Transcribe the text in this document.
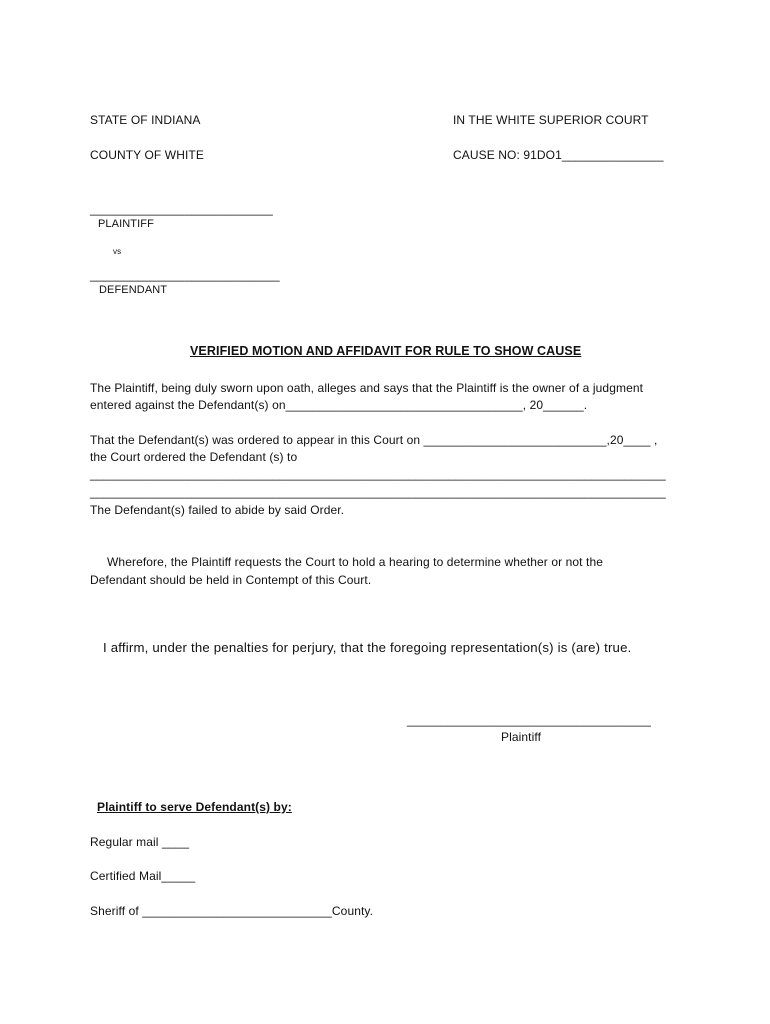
STATE OF INDIANA	IN THE WHITE SUPERIOR COURT
COUNTY OF WHITE	CAUSE NO: 91DO1_______________
___________________________
PLAINTIFF
vs
____________________________
DEFENDANT
VERIFIED MOTION AND AFFIDAVIT FOR RULE TO SHOW CAUSE
The Plaintiff, being duly sworn upon oath, alleges and says that the Plaintiff is the owner of a judgment
entered against the Defendant(s) on___________________________________, 20______.
That the Defendant(s) was ordered to appear in this Court on ___________________________,20____ ,
the Court ordered the Defendant (s) to
_____________________________________________________________________________________
_____________________________________________________________________________________
The Defendant(s) failed to abide by said Order.
Wherefore, the Plaintiff requests the Court to hold a hearing to determine whether or not the
Defendant should be held in Contempt of this Court.
I affirm, under the penalties for perjury, that the foregoing representation(s) is (are) true.
____________________________________
Plaintiff
Plaintiff to serve Defendant(s) by:
Regular mail ____
Certified Mail_____
Sheriff of ____________________________County.
